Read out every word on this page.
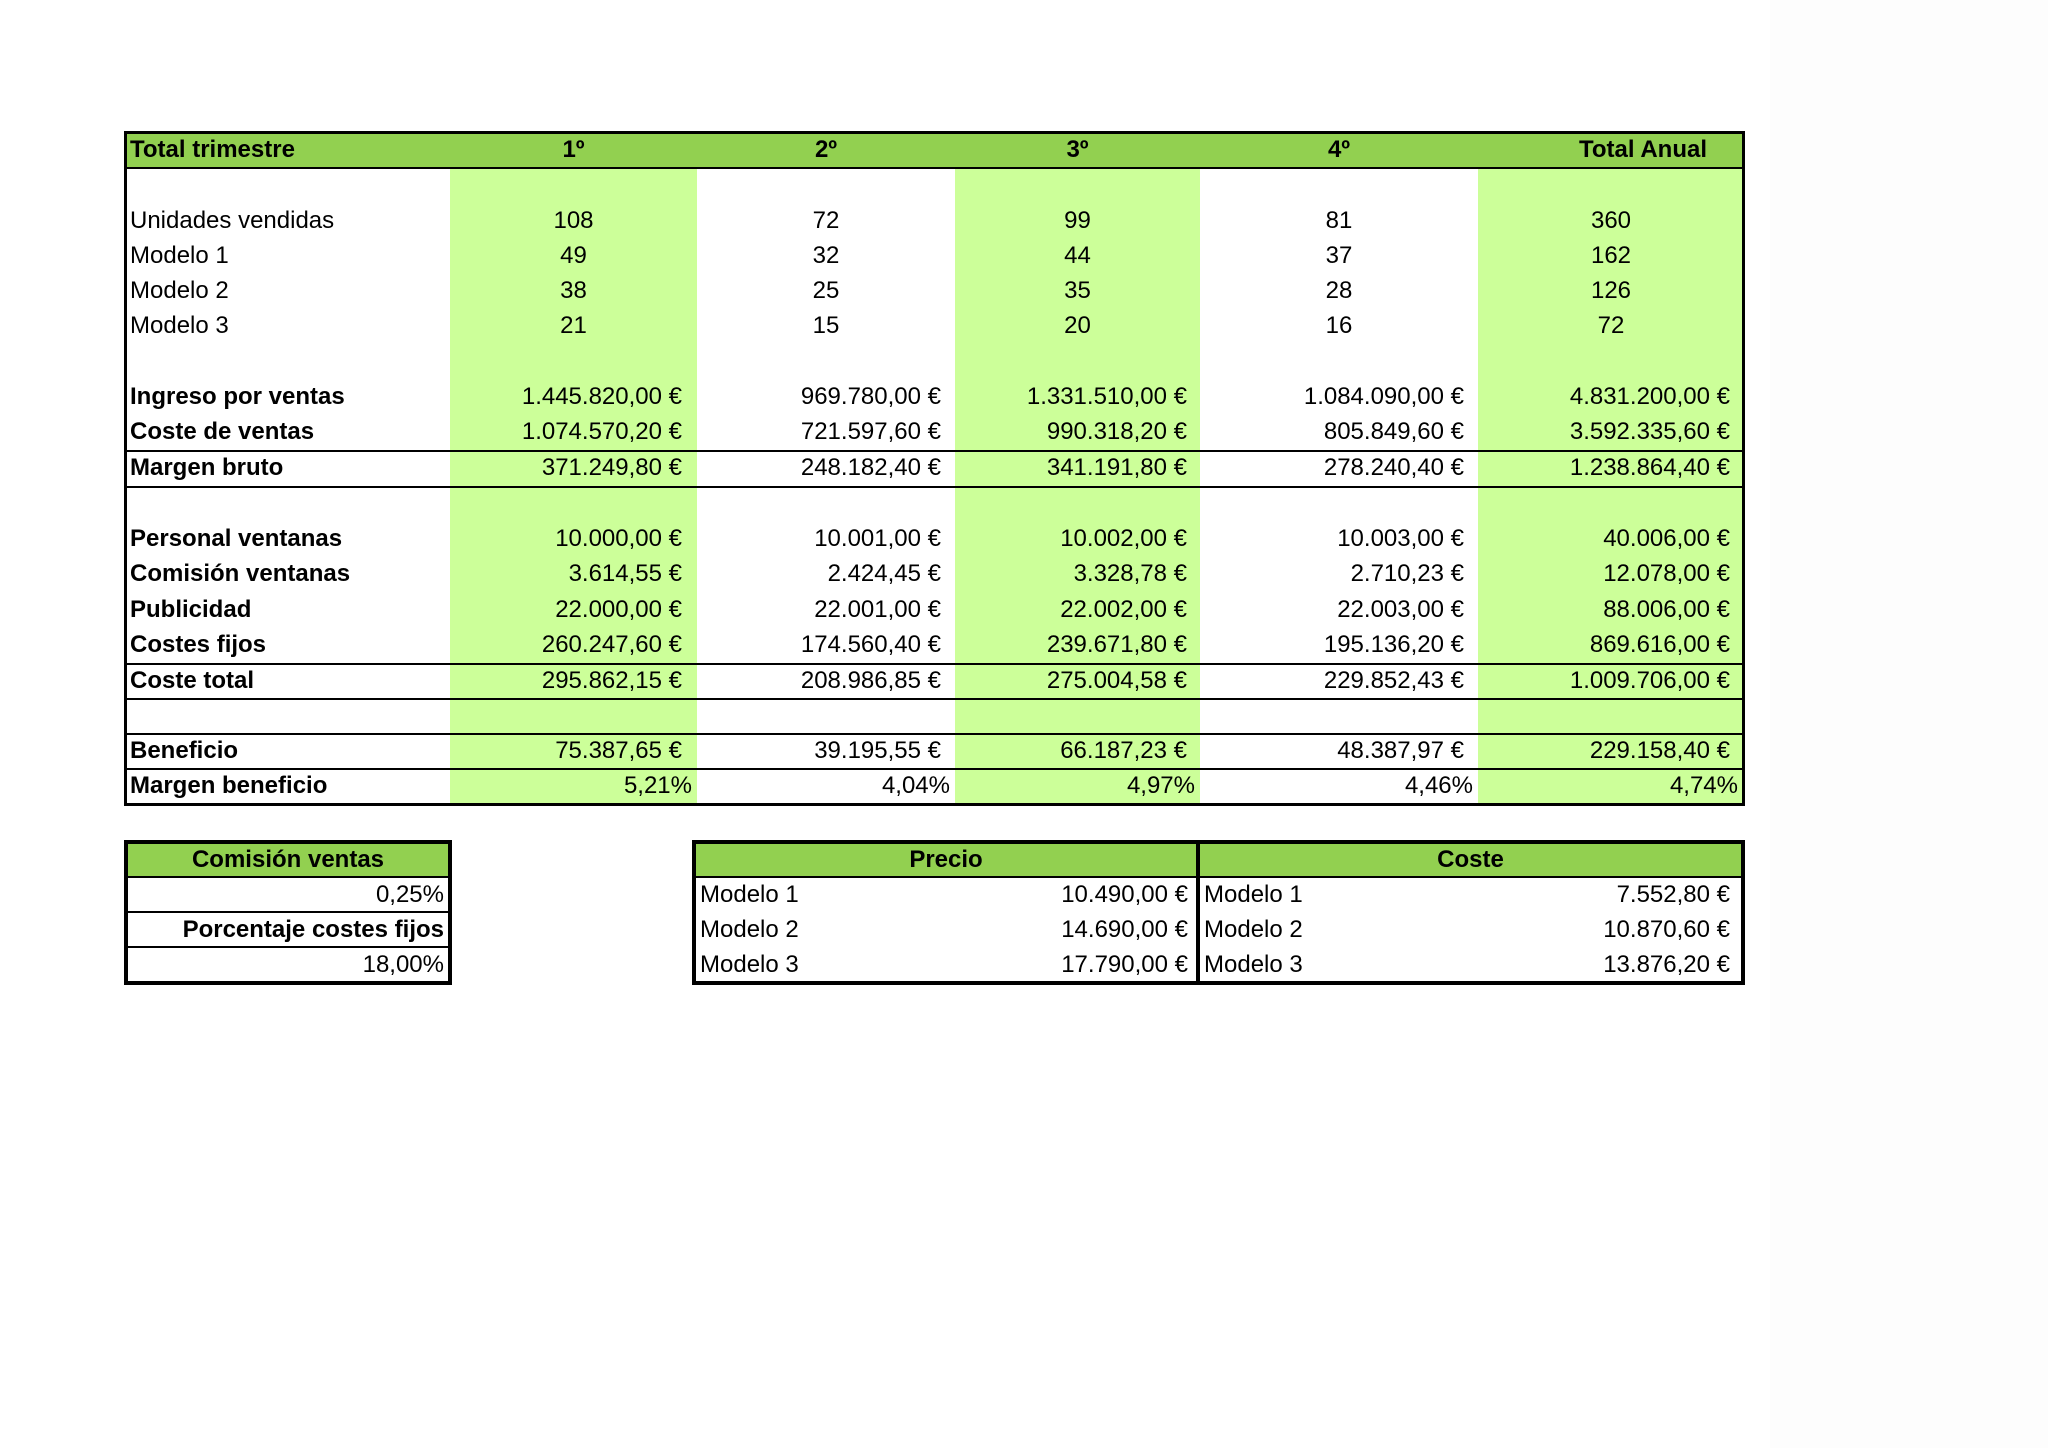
Total trimestre	1º	2º	3º	4º	Total Anual
Unidades vendidas	108	72	99	81	360
Modelo 1	49	32	44	37	162
Modelo 2	38	25	35	28	126
Modelo 3	21	15	20	16	72
Ingreso por ventas	1.445.820,00 €	969.780,00 €	1.331.510,00 €	1.084.090,00 €	4.831.200,00 €
Coste de ventas	1.074.570,20 €	721.597,60 €	990.318,20 €	805.849,60 €	3.592.335,60 €
Margen bruto	371.249,80 €	248.182,40 €	341.191,80 €	278.240,40 €	1.238.864,40 €
Personal ventanas	10.000,00 €	10.001,00 €	10.002,00 €	10.003,00 €	40.006,00 €
Comisión ventanas	3.614,55 €	2.424,45 €	3.328,78 €	2.710,23 €	12.078,00 €
Publicidad	22.000,00 €	22.001,00 €	22.002,00 €	22.003,00 €	88.006,00 €
Costes fijos	260.247,60 €	174.560,40 €	239.671,80 €	195.136,20 €	869.616,00 €
Coste total	295.862,15 €	208.986,85 €	275.004,58 €	229.852,43 €	1.009.706,00 €
Beneficio	75.387,65 €	39.195,55 €	66.187,23 €	48.387,97 €	229.158,40 €
Margen beneficio	5,21%	4,04%	4,97%	4,46%	4,74%
Comisión ventas
0,25%
Porcentaje costes fijos
18,00%
Precio	Coste
Modelo 1	10.490,00 € Modelo 1	7.552,80 €
Modelo 2	14.690,00 € Modelo 2	10.870,60 €
Modelo 3	17.790,00 € Modelo 3	13.876,20 €
